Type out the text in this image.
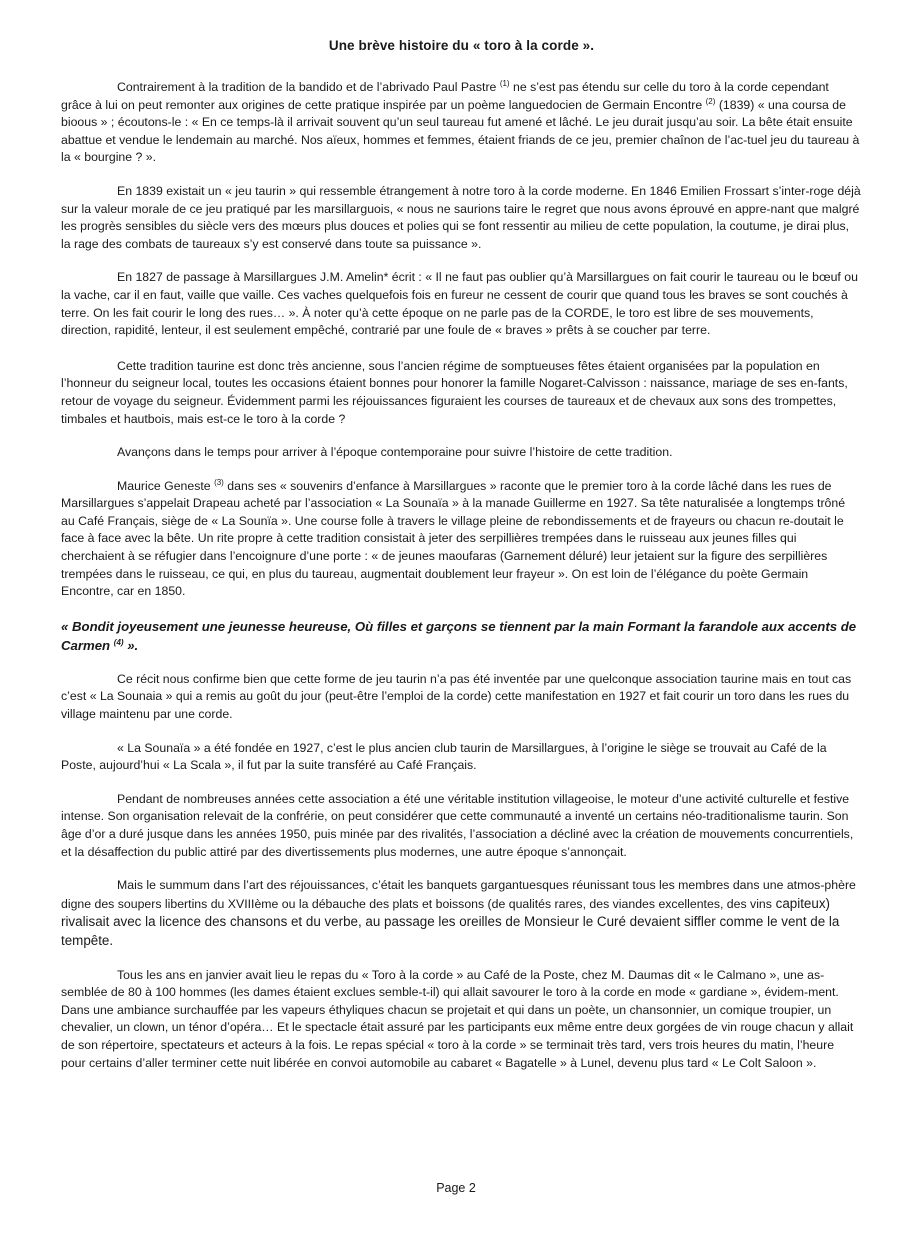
Une brève histoire du « toro à la corde ».

Contrairement à la tradition de la bandido et de l’abrivado Paul Pastre $^{(1)}$ ne s’est pas étendu sur celle du toro à la corde cependant grâce à lui on peut remonter aux origines de cette pratique inspirée par un poème languedocien de Germain Encontre $^{(2)}$ (1839) « una coursa de bioous » ; écoutons-le : « En ce temps-là il arrivait souvent qu’un seul taureau fut amené et lâché. Le jeu durait jusqu’au soir. La bête était ensuite abattue et vendue le lendemain au marché. Nos aïeux, hommes et femmes, étaient friands de ce jeu, premier chaînon de l’ac-tuel jeu du taureau à la « bourgine ? ».

En 1839 existait un « jeu taurin » qui ressemble étrangement à notre toro à la corde moderne. En 1846 Emilien Frossart s’inter-roge déjà sur la valeur morale de ce jeu pratiqué par les marsillarguois, « nous ne saurions taire le regret que nous avons éprouvé en appre-nant que malgré les progrès sensibles du siècle vers des mœurs plus douces et polies qui se font ressentir au milieu de cette population, la coutume, je dirai plus, la rage des combats de taureaux s’y est conservé dans toute sa puissance ».

En 1827 de passage à Marsillargues J.M. Amelin* écrit : « Il ne faut pas oublier qu’à Marsillargues on fait courir le taureau ou le bœuf ou la vache, car il en faut, vaille que vaille. Ces vaches quelquefois fois en fureur ne cessent de courir que quand tous les braves se sont couchés à terre. On les fait courir le long des rues… ». À noter qu’à cette époque on ne parle pas de la CORDE, le toro est libre de ses mouvements, direction, rapidité, lenteur, il est seulement empêché, contrarié par une foule de « braves » prêts à se coucher par terre.

Cette tradition taurine est donc très ancienne, sous l’ancien régime de somptueuses fêtes étaient organisées par la population en l’honneur du seigneur local, toutes les occasions étaient bonnes pour honorer la famille Nogaret-Calvisson : naissance, mariage de ses en-fants, retour de voyage du seigneur. Évidemment parmi les réjouissances figuraient les courses de taureaux et de chevaux aux sons des trompettes, timbales et hautbois, mais est-ce le toro à la corde ?

Avançons dans le temps pour arriver à l’époque contemporaine pour suivre l’histoire de cette tradition.

Maurice Geneste $^{(3)}$ dans ses « souvenirs d’enfance à Marsillargues » raconte que le premier toro à la corde lâché dans les rues de Marsillargues s’appelait Drapeau acheté par l’association « La Sounaïa » à la manade Guillerme en 1927. Sa tête naturalisée a longtemps trôné au Café Français, siège de « La Sounïa ». Une course folle à travers le village pleine de rebondissements et de frayeurs ou chacun re-doutait le face à face avec la bête. Un rite propre à cette tradition consistait à jeter des serpillières trempées dans le ruisseau aux jeunes filles qui cherchaient à se réfugier dans l’encoignure d’une porte : « de jeunes maoufaras (Garnement déluré) leur jetaient sur la figure des serpillières trempées dans le ruisseau, ce qui, en plus du taureau, augmentait doublement leur frayeur ». On est loin de l’élégance du poète Germain Encontre, car en 1850.

« Bondit joyeusement une jeunesse heureuse, Où filles et garçons se tiennent par la main Formant la farandole aux accents de Carmen $^{(4)}$ ».

Ce récit nous confirme bien que cette forme de jeu taurin n’a pas été inventée par une quelconque association taurine mais en tout cas c’est « La Sounaia » qui a remis au goût du jour (peut-être l’emploi de la corde) cette manifestation en 1927 et fait courir un toro dans les rues du village maintenu par une corde.

« La Sounaïa » a été fondée en 1927, c’est le plus ancien club taurin de Marsillargues, à l’origine le siège se trouvait au Café de la Poste, aujourd’hui « La Scala », il fut par la suite transféré au Café Français.

Pendant de nombreuses années cette association a été une véritable institution villageoise, le moteur d’une activité culturelle et festive intense. Son organisation relevait de la confrérie, on peut considérer que cette communauté a inventé un certains néo-traditionalisme taurin. Son âge d’or a duré jusque dans les années 1950, puis minée par des rivalités, l’association a décliné avec la création de mouvements concurrentiels, et la désaffection du public attiré par des divertissements plus modernes, une autre époque s’annonçait.

Mais le summum dans l’art des réjouissances, c’était les banquets gargantuesques réunissant tous les membres dans une atmos-phère digne des soupers libertins du XVIIIème ou la débauche des plats et boissons (de qualités rares, des viandes excellentes, des vins capiteux) rivalisait avec la licence des chansons et du verbe, au passage les oreilles de Monsieur le Curé devaient siffler comme le vent de la tempête.

Tous les ans en janvier avait lieu le repas du « Toro à la corde » au Café de la Poste, chez M. Daumas dit « le Calmano », une as-semblée de 80 à 100 hommes (les dames étaient exclues semble-t-il) qui allait savourer le toro à la corde en mode « gardiane », évidem-ment. Dans une ambiance surchauffée par les vapeurs éthyliques chacun se projetait et qui dans un poète, un chansonnier, un comique troupier, un chevalier, un clown, un ténor d’opéra… Et le spectacle était assuré par les participants eux même entre deux gorgées de vin rouge chacun y allait de son répertoire, spectateurs et acteurs à la fois. Le repas spécial « toro à la corde » se terminait très tard, vers trois heures du matin, l’heure pour certains d’aller terminer cette nuit libérée en convoi automobile au cabaret « Bagatelle » à Lunel, devenu plus tard « Le Colt Saloon ».

Page 2
